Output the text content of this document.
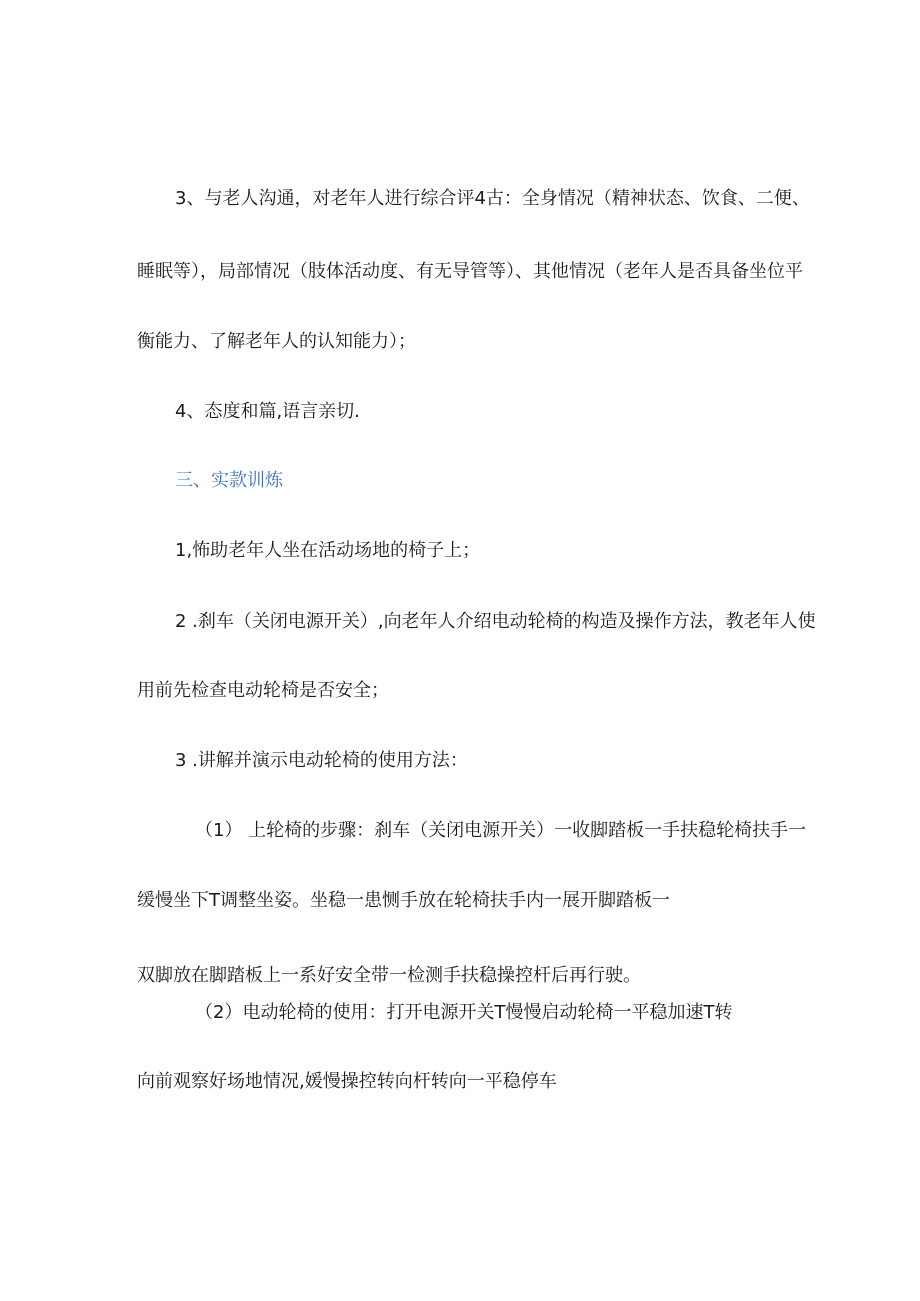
3、与老人沟通，对老年人进行综合评4古：全身情况（精神状态、饮食、二便、
睡眠等），局部情况（肢体活动度、有无导管等）、其他情况（老年人是否具备坐位平
衡能力、了解老年人的认知能力）；
4、态度和篇,语言亲切.
三、实款训炼
1,怖助老年人坐在活动场地的椅子上；
2 .刹车（关闭电源开关）,向老年人介绍电动轮椅的构造及操作方法，教老年人使
用前先检查电动轮椅是否安全；
3 .讲解并演示电动轮椅的使用方法：
（1） 上轮椅的步骤：刹车（关闭电源开关）一收脚踏板一手扶稳轮椅扶手一
缓慢坐下T调整坐姿。坐稳一患恻手放在轮椅扶手内一展开脚踏板一
双脚放在脚踏板上一系好安全带一检测手扶稳操控杆后再行驶。
（2）电动轮椅的使用：打开电源开关T慢慢启动轮椅一平稳加速T转
向前观察好场地情况,媛慢操控转向杆转向一平稳停车
